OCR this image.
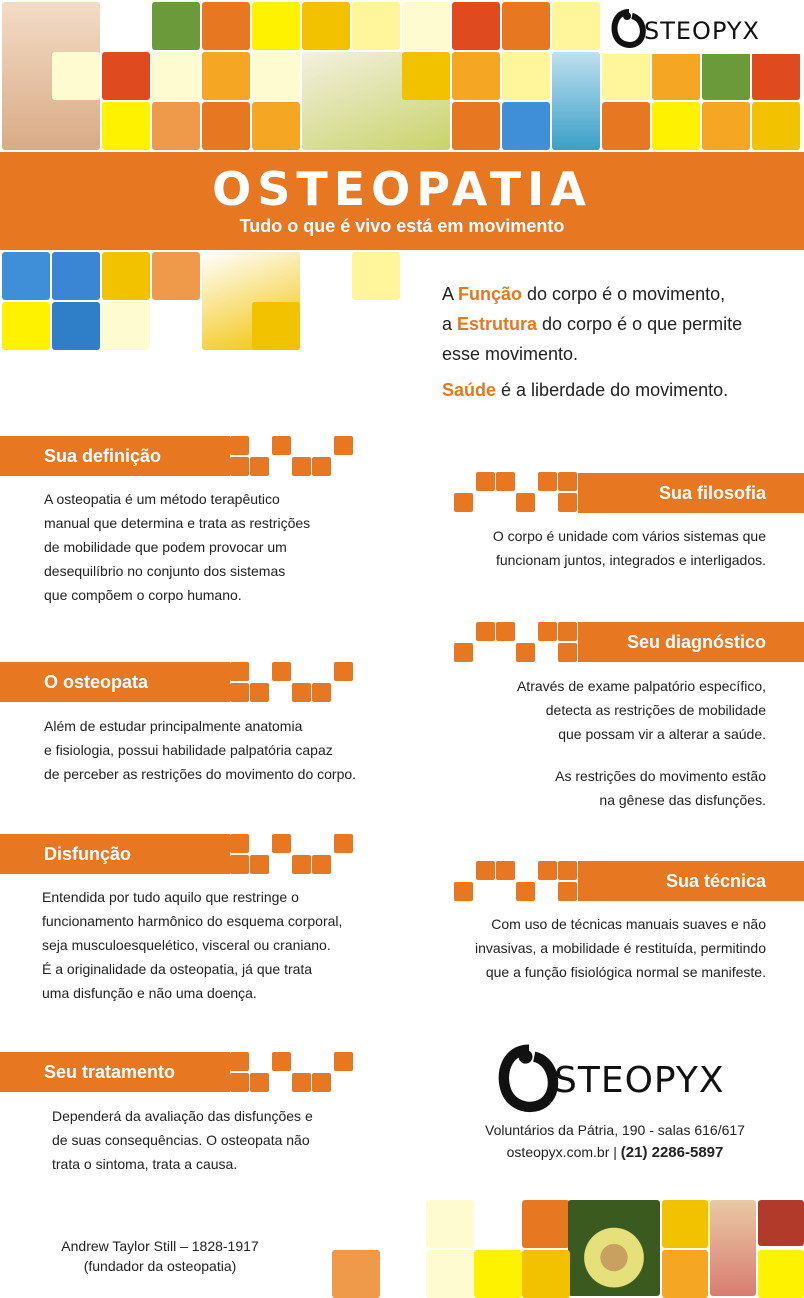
STEOPYX
OSTEOPATIA
Tudo o que é vivo está em movimento
A Função do corpo é o movimento,
a Estrutura do corpo é o que permite
esse movimento.
Saúde é a liberdade do movimento.
Sua definição
A osteopatia é um método terapêutico
manual que determina e trata as restrições
de mobilidade que podem provocar um
desequilíbrio no conjunto dos sistemas
que compõem o corpo humano.
O osteopata
Além de estudar principalmente anatomia
e fisiologia, possui habilidade palpatória capaz
de perceber as restrições do movimento do corpo.
Disfunção
Entendida por tudo aquilo que restringe o
funcionamento harmônico do esquema corporal,
seja musculoesquelético, visceral ou craniano.
É a originalidade da osteopatia, já que trata
uma disfunção e não uma doença.
Seu tratamento
Dependerá da avaliação das disfunções e
de suas consequências. O osteopata não
trata o sintoma, trata a causa.
Sua filosofia
O corpo é unidade com vários sistemas que
funcionam juntos, integrados e interligados.
Seu diagnóstico
Através de exame palpatório específico,
detecta as restrições de mobilidade
que possam vir a alterar a saúde.
As restrições do movimento estão
na gênese das disfunções.
Sua técnica
Com uso de técnicas manuais suaves e não
invasivas, a mobilidade é restituída, permitindo
que a função fisiológica normal se manifeste.
STEOPYX
Voluntários da Pátria, 190 - salas 616/617
osteopyx.com.br | (21) 2286-5897
Andrew Taylor Still – 1828-1917
(fundador da osteopatia)
